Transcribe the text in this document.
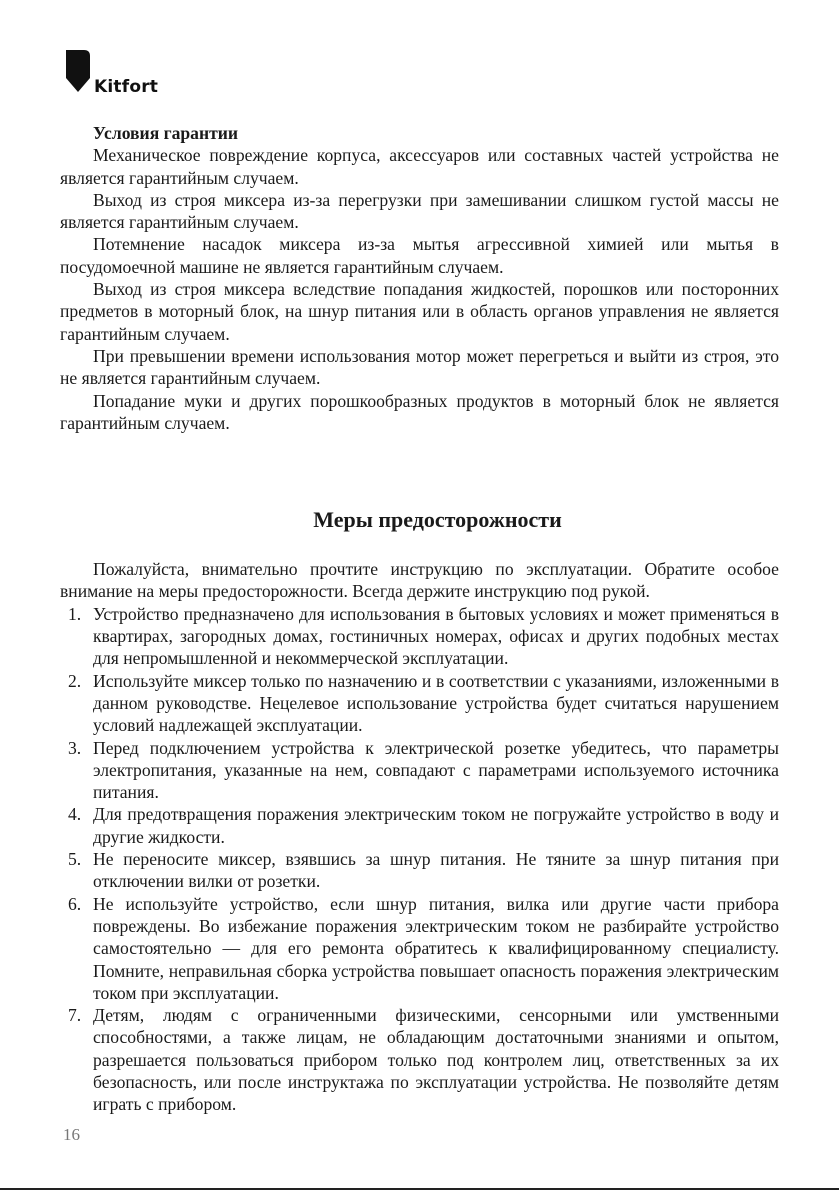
Kitfort

Условия гарантии

Механическое повреждение корпуса, аксессуаров или составных частей устройства не является гарантийным случаем.

Выход из строя миксера из-за перегрузки при замешивании слишком густой массы не является гарантийным случаем.

Потемнение насадок миксера из-за мытья агрессивной химией или мытья в посудомоечной машине не является гарантийным случаем.

Выход из строя миксера вследствие попадания жидкостей, порошков или посторонних предметов в моторный блок, на шнур питания или в область органов управления не является гарантийным случаем.

При превышении времени использования мотор может перегреться и выйти из строя, это не является гарантийным случаем.

Попадание муки и других порошкообразных продуктов в моторный блок не является гарантийным случаем.

Меры предосторожности

Пожалуйста, внимательно прочтите инструкцию по эксплуатации. Обратите особое внимание на меры предосторожности. Всегда держите инструкцию под рукой.

1. Устройство предназначено для использования в бытовых условиях и может применяться в квартирах, загородных домах, гостиничных номерах, офисах и других подобных местах для непромышленной и некоммерческой эксплуатации.
2. Используйте миксер только по назначению и в соответствии с указаниями, изложенными в данном руководстве. Нецелевое использование устройства будет считаться нарушением условий надлежащей эксплуатации.
3. Перед подключением устройства к электрической розетке убедитесь, что параметры электропитания, указанные на нем, совпадают с параметрами используемого источника питания.
4. Для предотвращения поражения электрическим током не погружайте устройство в воду и другие жидкости.
5. Не переносите миксер, взявшись за шнур питания. Не тяните за шнур питания при отключении вилки от розетки.
6. Не используйте устройство, если шнур питания, вилка или другие части прибора повреждены. Во избежание поражения электрическим током не разбирайте устройство самостоятельно — для его ремонта обратитесь к квалифицированному специалисту. Помните, неправильная сборка устройства повышает опасность поражения электрическим током при эксплуатации.
7. Детям, людям с ограниченными физическими, сенсорными или умственными способностями, а также лицам, не обладающим достаточными знаниями и опытом, разрешается пользоваться прибором только под контролем лиц, ответственных за их безопасность, или после инструктажа по эксплуатации устройства. Не позволяйте детям играть с прибором.
16
